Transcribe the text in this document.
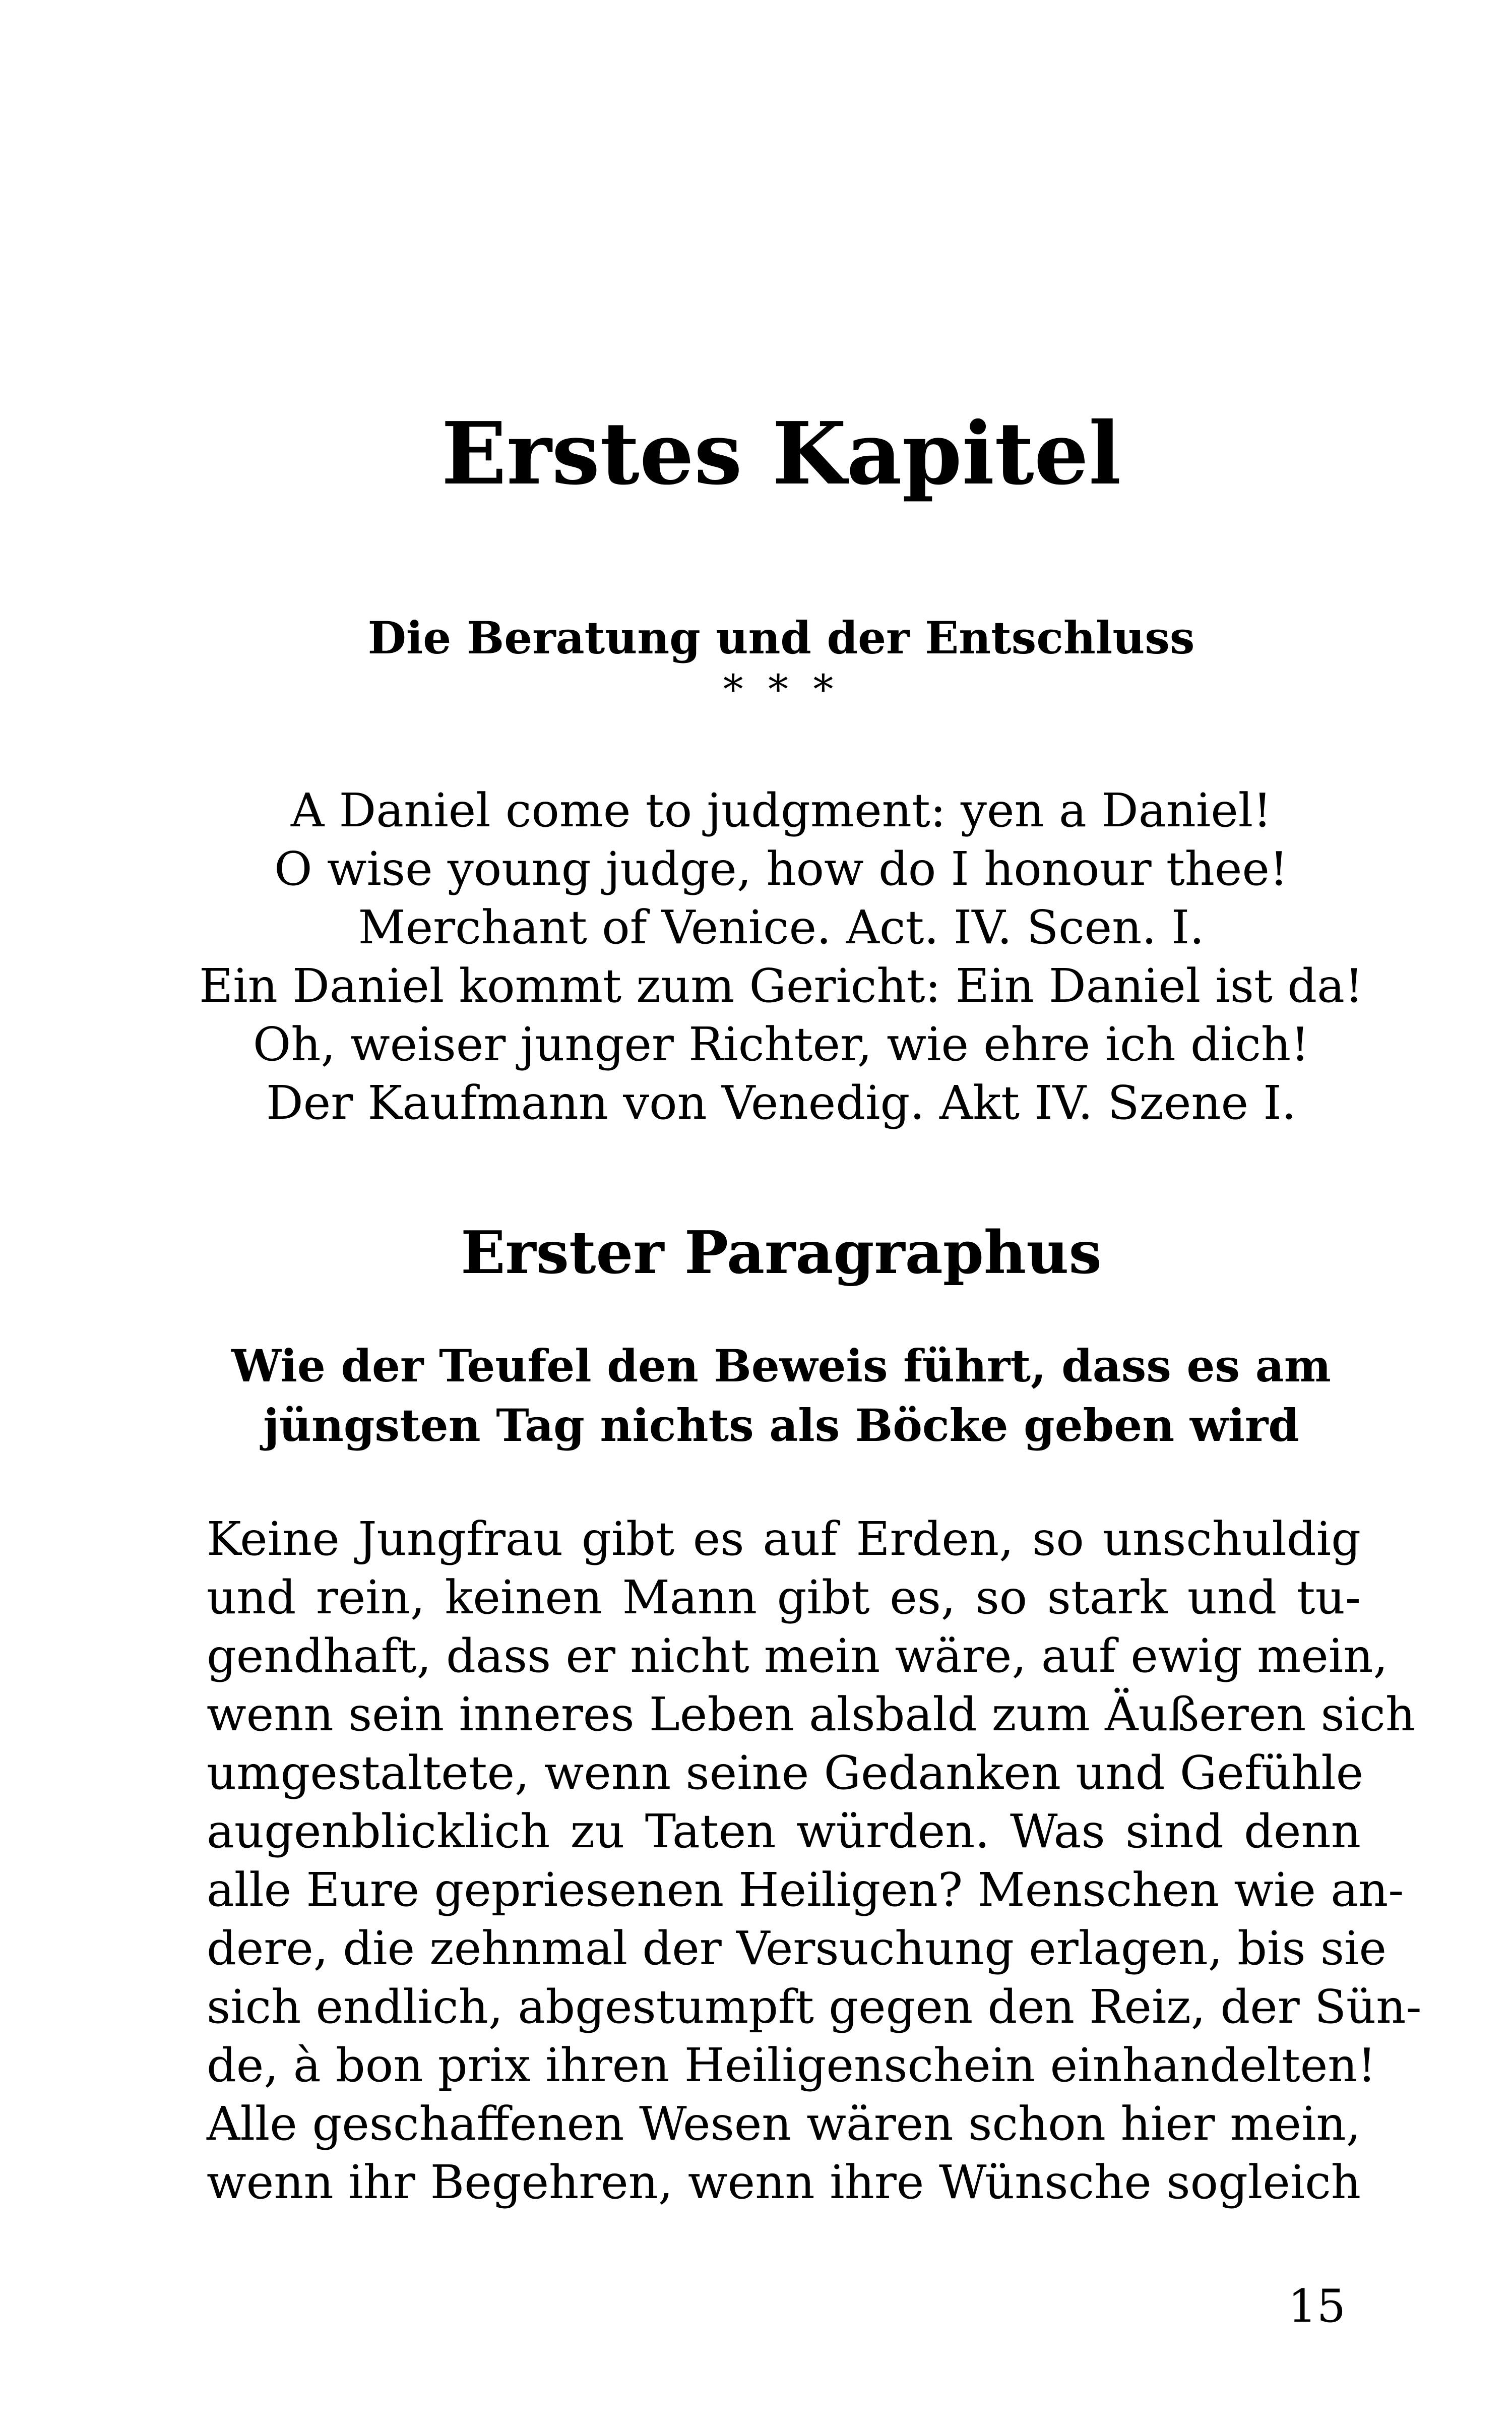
Erstes Kapitel
Die Beratung und der Entschluss
* * *
A Daniel come to judgment: yen a Daniel!
O wise young judge, how do I honour thee!
Merchant of Venice. Act. IV. Scen. I.
Ein Daniel kommt zum Gericht: Ein Daniel ist da!
Oh, weiser junger Richter, wie ehre ich dich!
Der Kaufmann von Venedig. Akt IV. Szene I.
Erster Paragraphus
Wie der Teufel den Beweis führt, dass es am
jüngsten Tag nichts als Böcke geben wird
Keine Jungfrau gibt es auf Erden, so unschuldig
und rein, keinen Mann gibt es, so stark und tu-
gendhaft, dass er nicht mein wäre, auf ewig mein,
wenn sein inneres Leben alsbald zum Äußeren sich
umgestaltete, wenn seine Gedanken und Gefühle
augenblicklich zu Taten würden. Was sind denn
alle Eure gepriesenen Heiligen? Menschen wie an-
dere, die zehnmal der Versuchung erlagen, bis sie
sich endlich, abgestumpft gegen den Reiz, der Sün-
de, à bon prix ihren Heiligenschein einhandelten!
Alle geschaffenen Wesen wären schon hier mein,
wenn ihr Begehren, wenn ihre Wünsche sogleich
15
